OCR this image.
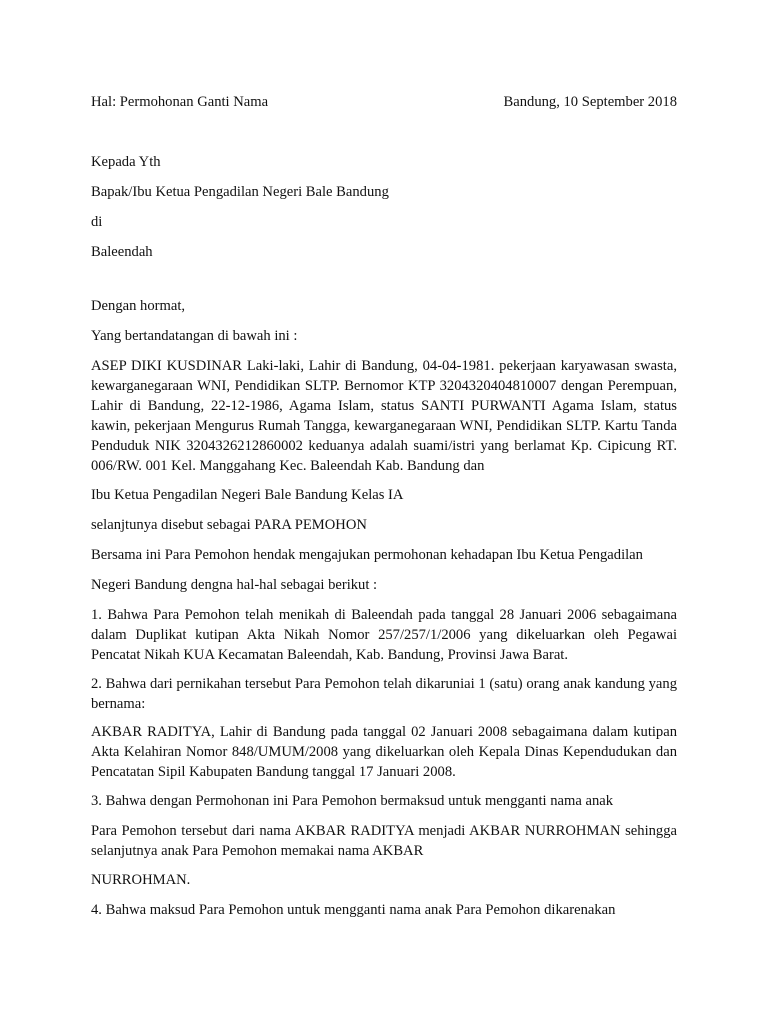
Hal: Permohonan Ganti Nama	Bandung, 10 September 2018

Kepada Yth

Bapak/Ibu Ketua Pengadilan Negeri Bale Bandung

di

Baleendah

Dengan hormat,

Yang bertandatangan di bawah ini :

ASEP DIKI KUSDINAR Laki-laki, Lahir di Bandung, 04-04-1981. pekerjaan karyawasan swasta, kewarganegaraan WNI, Pendidikan SLTP. Bernomor KTP 3204320404810007 dengan Perempuan, Lahir di Bandung, 22-12-1986, Agama Islam, status SANTI PURWANTI Agama Islam, status kawin, pekerjaan Mengurus Rumah Tangga, kewarganegaraan WNI, Pendidikan SLTP. Kartu Tanda Penduduk NIK 3204326212860002 keduanya adalah suami/istri yang berlamat Kp. Cipicung RT. 006/RW. 001 Kel. Manggahang Kec. Baleendah Kab. Bandung dan

Ibu Ketua Pengadilan Negeri Bale Bandung Kelas IA

selanjtunya disebut sebagai PARA PEMOHON

Bersama ini Para Pemohon hendak mengajukan permohonan kehadapan Ibu Ketua Pengadilan

Negeri Bandung dengna hal-hal sebagai berikut :

1. Bahwa Para Pemohon telah menikah di Baleendah pada tanggal 28 Januari 2006 sebagaimana dalam Duplikat kutipan Akta Nikah Nomor 257/257/1/2006 yang dikeluarkan oleh Pegawai Pencatat Nikah KUA Kecamatan Baleendah, Kab. Bandung, Provinsi Jawa Barat.

2. Bahwa dari pernikahan tersebut Para Pemohon telah dikaruniai 1 (satu) orang anak kandung yang bernama:

AKBAR RADITYA, Lahir di Bandung pada tanggal 02 Januari 2008 sebagaimana dalam kutipan Akta Kelahiran Nomor 848/UMUM/2008 yang dikeluarkan oleh Kepala Dinas Kependudukan dan Pencatatan Sipil Kabupaten Bandung tanggal 17 Januari 2008.

3. Bahwa dengan Permohonan ini Para Pemohon bermaksud untuk mengganti nama anak

Para Pemohon tersebut dari nama AKBAR RADITYA menjadi AKBAR NURROHMAN sehingga selanjutnya anak Para Pemohon memakai nama AKBAR

NURROHMAN.

4. Bahwa maksud Para Pemohon untuk mengganti nama anak Para Pemohon dikarenakan
